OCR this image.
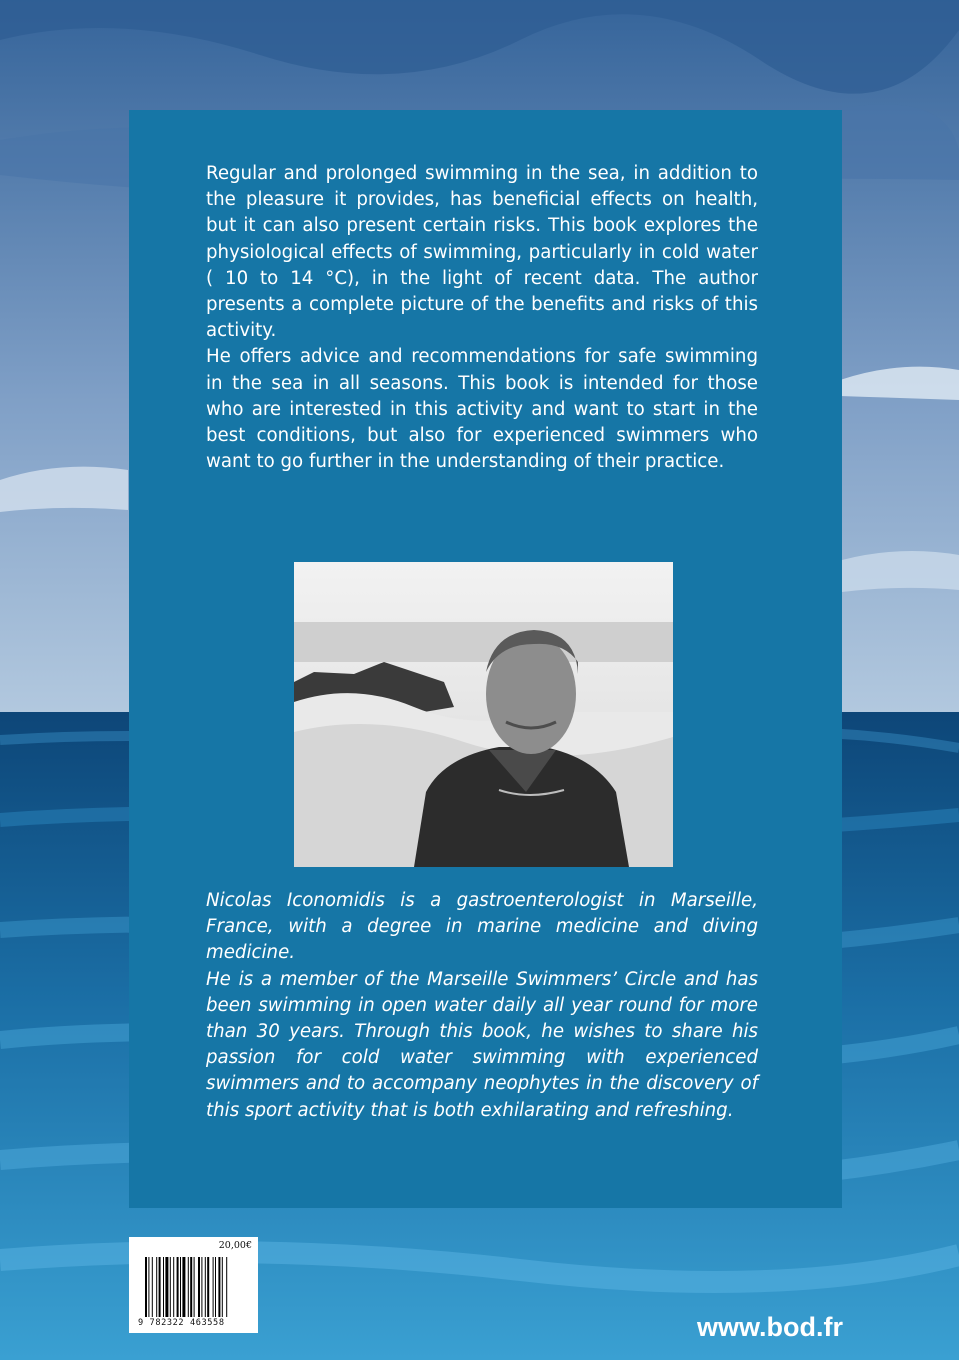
Regular and prolonged swimming in the sea, in addition to the pleasure it provides, has beneficial effects on health, but it can also present certain risks. This book explores the physiological effects of swimming, particularly in cold water ( 10 to 14 °C), in the light of recent data. The author presents a complete picture of the benefits and risks of this activity.
He offers advice and recommendations for safe swimming in the sea in all seasons. This book is intended for those who are interested in this activity and want to start in the best conditions, but also for experienced swimmers who want to go further in the understanding of their practice.
Nicolas Iconomidis is a gastroenterologist in Marseille, France, with a degree in marine medicine and diving medicine.
He is a member of the Marseille Swimmers’ Circle and has been swimming in open water daily all year round for more than 30 years. Through this book, he wishes to share his passion for cold water swimming with experienced swimmers and to accompany neophytes in the discovery of this sport activity that is both exhilarating and refreshing.

20,00€

9 782322 463558	www.bod.fr
